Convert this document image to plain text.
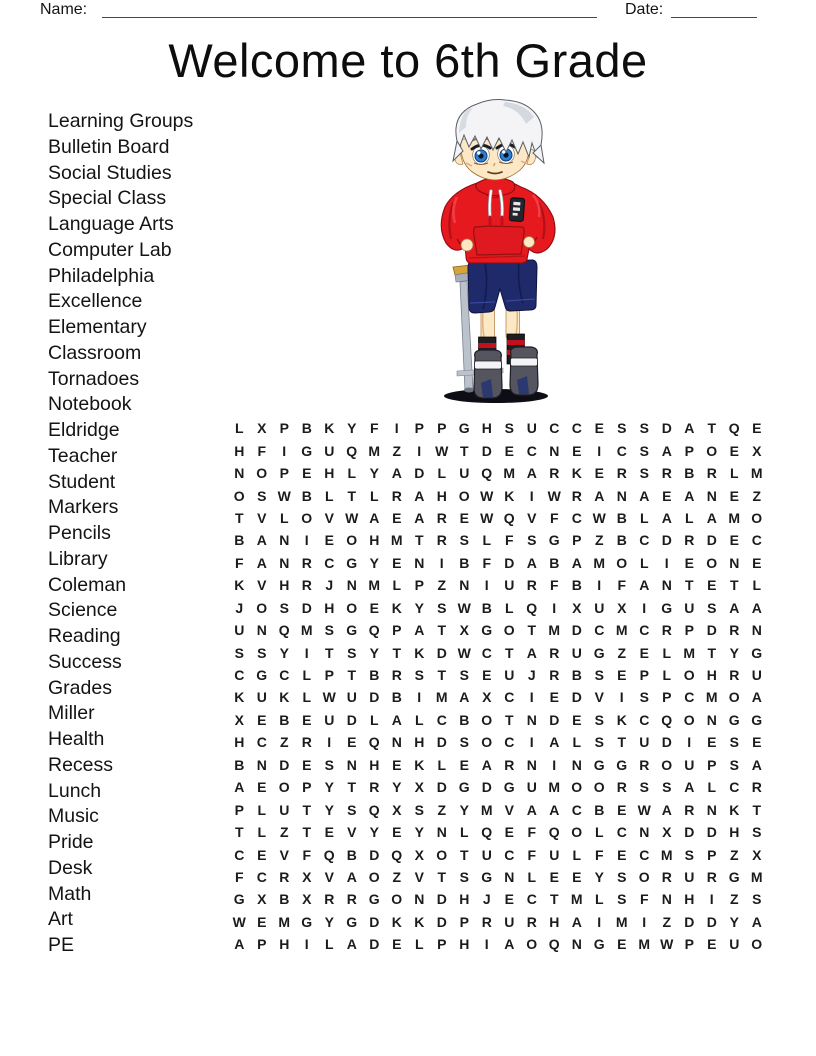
Name:	Date:
Welcome to 6th Grade
Learning Groups
Bulletin Board
Social Studies
Special Class
Language Arts
Computer Lab
Philadelphia
Excellence
Elementary
Classroom
Tornadoes
Notebook
Eldridge
Teacher
Student
Markers
Pencils
Library
Coleman
Science
Reading
Success
Grades
Miller
Health
Recess
Lunch
Music
Pride
Desk
Math
Art
PE
L X P B K Y F	I	P P G H S U C C E S S D A T Q E
H F	I	G U Q M Z	I W T D E C N E	I	C S A P O E X
N O P E H L Y A D L U Q M A R K E R S R B R L M
O S W B L T L R A H O W K	I W R A N A E A N E Z
T V L O V W A E A R E W Q V F C W B L A L A M O
B A N	I	E O H M T R S L F S G P Z B C D R D E C
F A N R C G Y E N	I	B F D A B A M O L	I	E O N E
K V H R J N M L P Z N	I	U R F B	I	F A N T E T L
J O S D H O E K Y S W B L Q	I	X U X	I	G U S A A
U N Q M S G Q P A T X G O T M D C M C R P D R N
S S Y	I	T S Y T K D W C T A R U G Z E L M T Y G
C G C L P T B R S T S E U J R B S E P L O H R U
K U K L W U D B	I	M A X C	I	E D V	I	S P C M O A
X E B E U D L A L C B O T N D E S K C Q O N G G
H C Z R	I	E Q N H D S O C	I	A L S T U D	I	E S E
B N D E S N H E K L E A R N	I	N G G R O U P S A
A E O P Y T R Y X D G D G U M O O R S S A L C R
P L U T Y S Q X S Z Y M V A A C B E W A R N K T
T L Z T E V Y E Y N L Q E F Q O L C N X D D H S
C E V F Q B D Q X O T U C F U L F E C M S P Z X
F C R X V A O Z V T S G N L E E Y S O R U R G M
G X B X R R G O N D H J E C T M L S F N H	I	Z S
W E M G Y G D K K D P R U R H A	I	M	I	Z D D Y A
A P H	I	L A D E L P H	I	A O Q N G E M W P E U O
